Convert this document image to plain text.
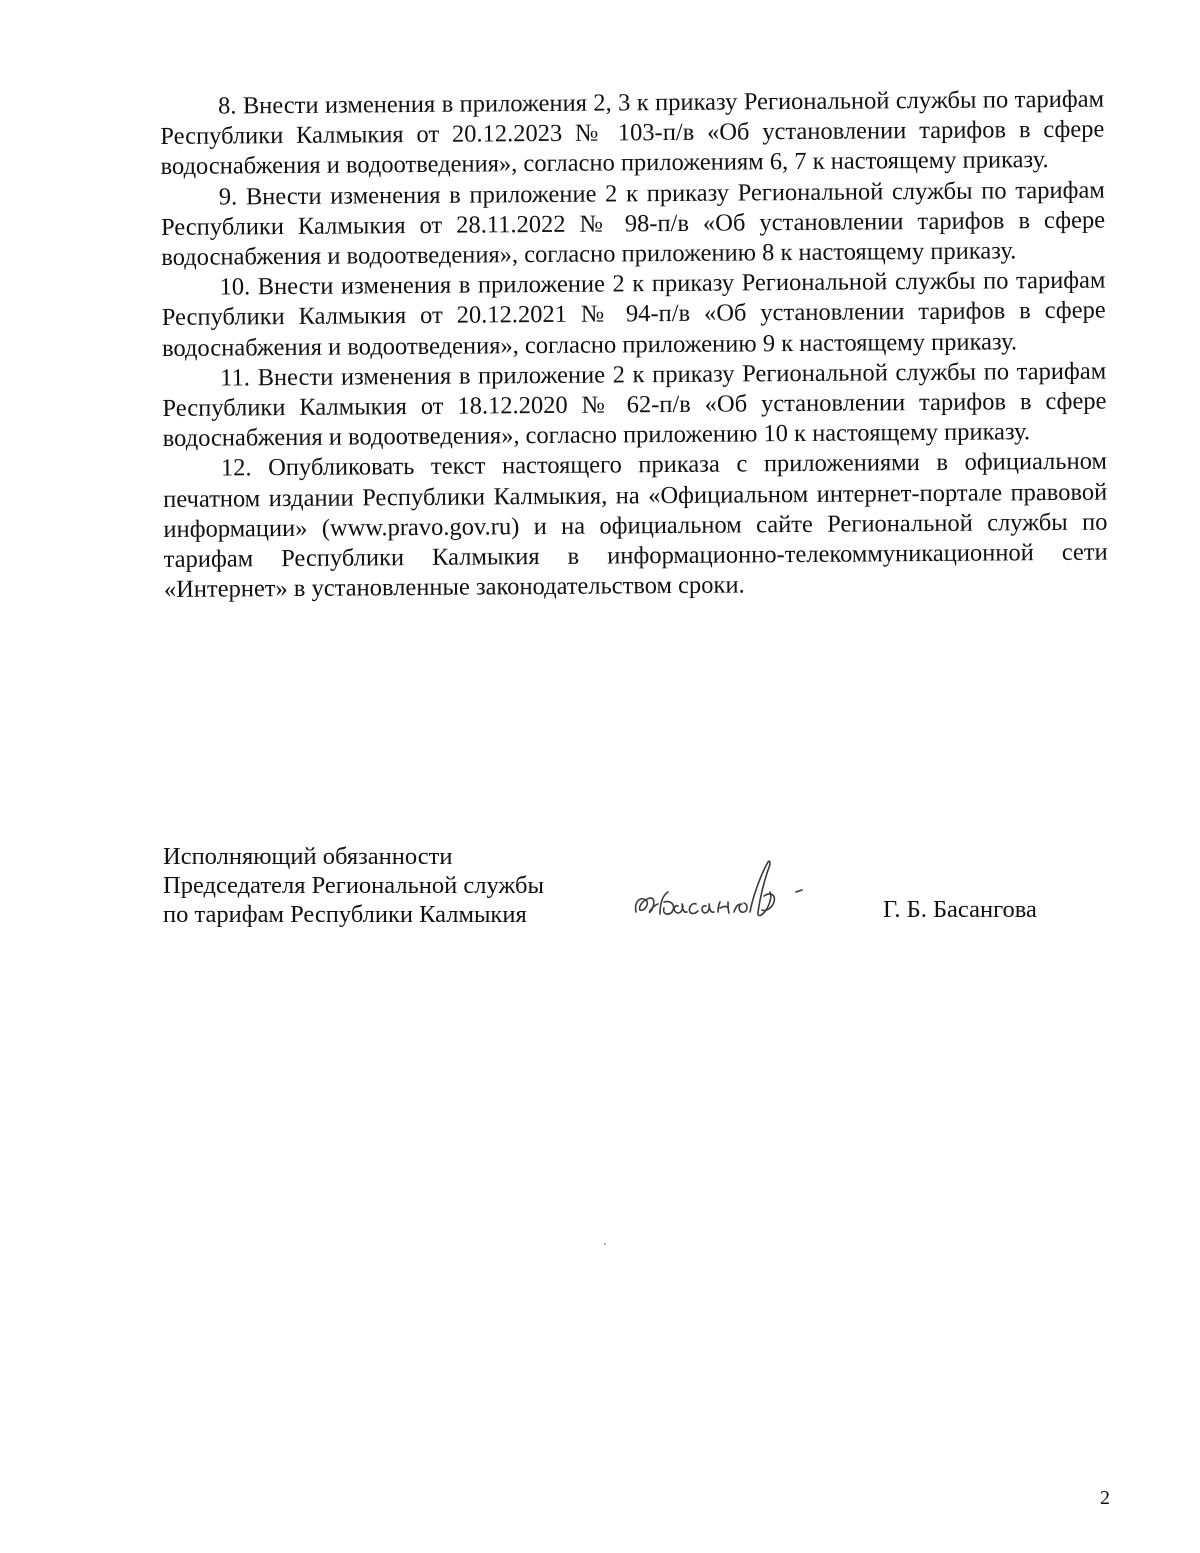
8. Внести изменения в приложения 2, 3 к приказу Региональной службы по тарифам Республики Калмыкия от 20.12.2023 № 103-п/в «Об установлении тарифов в сфере водоснабжения и водоотведения», согласно приложениям 6, 7 к настоящему приказу.

9. Внести изменения в приложение 2 к приказу Региональной службы по тарифам Республики Калмыкия от 28.11.2022 № 98-п/в «Об установлении тарифов в сфере водоснабжения и водоотведения», согласно приложению 8 к настоящему приказу.

10. Внести изменения в приложение 2 к приказу Региональной службы по тарифам Республики Калмыкия от 20.12.2021 № 94-п/в «Об установлении тарифов в сфере водоснабжения и водоотведения», согласно приложению 9 к настоящему приказу.

11. Внести изменения в приложение 2 к приказу Региональной службы по тарифам Республики Калмыкия от 18.12.2020 № 62-п/в «Об установлении тарифов в сфере водоснабжения и водоотведения», согласно приложению 10 к настоящему приказу.

12. Опубликовать текст настоящего приказа с приложениями в официальном печатном издании Республики Калмыкия, на «Официальном интернет-портале правовой информации» (www.pravo.gov.ru) и на официальном сайте Региональной службы по тарифам Республики Калмыкия в информационно-телекоммуникационной сети «Интернет» в установленные законодательством сроки.

Исполняющий обязанности
Председателя Региональной службы
по тарифам Республики Калмыкия	Г. Б. Басангова
2
